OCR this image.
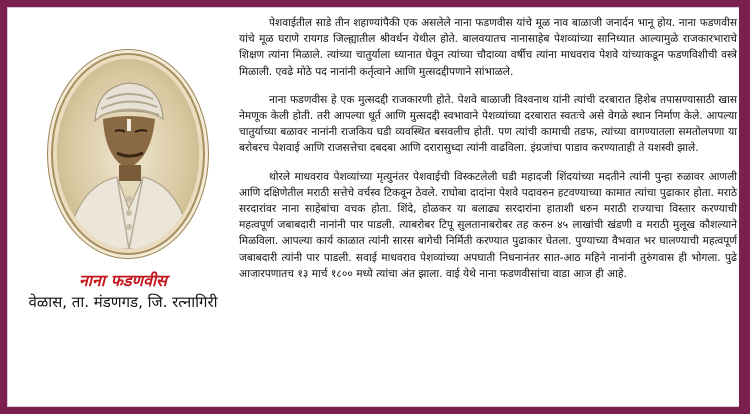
नाना फडणवीस
वेळास, ता. मंडणगड, जि. रत्नागिरी

पेशवाईतील साडे तीन शहाण्यांपैकी एक असलेले नाना फडणवीस यांचे मूळ नाव बाळाजी जनार्दन भानू होय. नाना फडणवीस यांचे मूळ घराणे रायगड जिल्ह्यातील श्रीवर्धन येथील होते. बालवयातच नानासाहेब पेशव्यांच्या सानिध्यात आल्यामुळे राजकारभाराचे शिक्षण त्यांना मिळाले. त्यांच्या चातुर्याला ध्यानात घेवून त्यांच्या चौदाव्या वर्षीच त्यांना माधवराव पेशवे यांच्याकडून फडणविशीची वस्त्रे मिळाली. एवढे मोठे पद नानांनी कर्तृत्वाने आणि मुत्सदद्दीपणाने सांभाळले.

नाना फडणवीस हे एक मुत्सदद्दी राजकारणी होते. पेशवे बाळाजी विश्वनाथ यांनी त्यांची दरबारात हिशेब तपासण्यासाठी खास नेमणूक केली होती. तरी आपल्या धूर्त आणि मुत्सदद्दी स्वभावाने पेशव्यांच्या दरबारात स्वतःचे असे वेगळे स्थान निर्माण केले. आपल्या चातुर्याच्या बळावर नानांनी राजकिय घडी व्यवस्थित बसवलीच होती. पण त्यांची कामाची तडफ, त्यांच्या वागण्यातला समतोलपणा या बरोबरच पेशवाई आणि राजसत्तेचा दबदबा आणि दरारासुध्दा त्यांनी वाढविला. इंग्रजांचा पाडाव करण्याताही ते यशस्वी झाले.

थोरले माधवराव पेशव्यांच्या मृत्युनंतर पेशवाईची विस्कटलेली घडी महादजी शिंदयांच्या मदतीने त्यांनी पुन्हा रुळावर आणली आणि दक्षिणेतील मराठी सत्तेचे वर्चस्व टिकवून ठेवले. राघोबा दादांना पेशवे पदावरुन हटवण्याच्या कामात त्यांचा पुढाकार होता. मराठे सरदारांवर नाना साहेबांचा वचक होता. शिंदे, होळकर या बलाढ्य सरदारांना हाताशी धरुन मराठी राज्याचा विस्तार करण्याची महत्वपूर्ण जबाबदारी नानांनी पार पाडली. त्याबरोबर टिपू सुलतानाबरोबर तह करुन ४५ लाखांची खंडणी व मराठी मुलूख कौशल्याने मिळविला. आपल्या कार्य काळात त्यांनी सारस बागेची निर्मिती करण्यात पुढाकार घेतला. पुण्याच्या वैभवात भर घालण्याची महत्वपूर्ण जबाबदारी त्यांनी पार पाडली. सवाई माधवराव पेशव्यांच्या अपघाती निधनानंतर सात-आठ महिने नानांनी तुरुंगवास ही भोगला. पुढे आजारपणातच १३ मार्च १८०० मध्ये त्यांचा अंत झाला. वाई येथे नाना फडणवीसांचा वाडा आज ही आहे.
